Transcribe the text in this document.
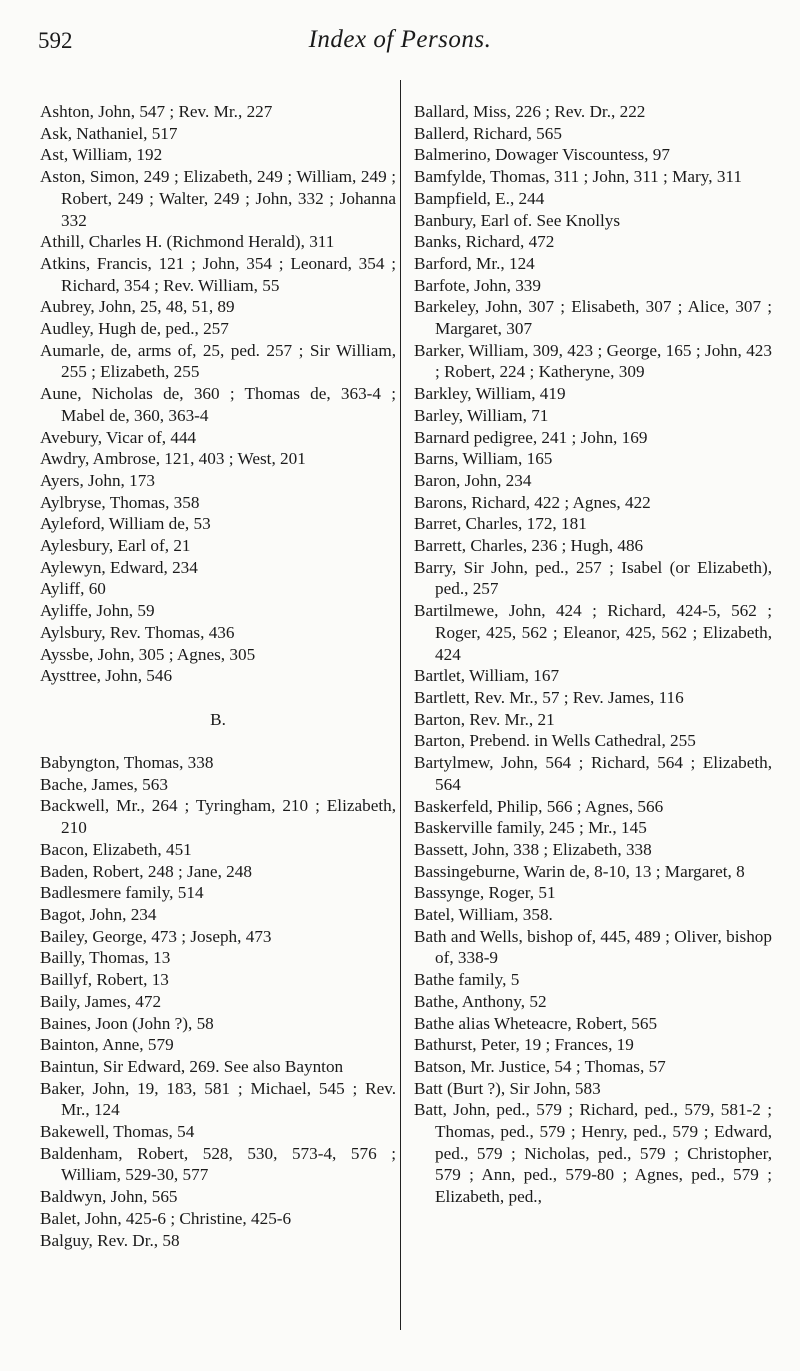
592	Index of Persons.
Ashton, John, 547 ; Rev. Mr., 227
Ask, Nathaniel, 517
Ast, William, 192
Aston, Simon, 249 ; Elizabeth, 249 ; William, 249 ; Robert, 249 ; Walter, 249 ; John, 332 ; Johanna 332
Athill, Charles H. (Richmond Herald), 311
Atkins, Francis, 121 ; John, 354 ; Leonard, 354 ; Richard, 354 ; Rev. William, 55
Aubrey, John, 25, 48, 51, 89
Audley, Hugh de, ped., 257
Aumarle, de, arms of, 25, ped. 257 ; Sir William, 255 ; Elizabeth, 255
Aune, Nicholas de, 360 ; Thomas de, 363-4 ; Mabel de, 360, 363-4
Avebury, Vicar of, 444
Awdry, Ambrose, 121, 403 ; West, 201
Ayers, John, 173
Aylbryse, Thomas, 358
Ayleford, William de, 53
Aylesbury, Earl of, 21
Aylewyn, Edward, 234
Ayliff, 60
Ayliffe, John, 59
Aylsbury, Rev. Thomas, 436
Ayssbe, John, 305 ; Agnes, 305
Aysttree, John, 546
B.
Babyngton, Thomas, 338
Bache, James, 563
Backwell, Mr., 264 ; Tyringham, 210 ; Elizabeth, 210
Bacon, Elizabeth, 451
Baden, Robert, 248 ; Jane, 248
Badlesmere family, 514
Bagot, John, 234
Bailey, George, 473 ; Joseph, 473
Bailly, Thomas, 13
Baillyf, Robert, 13
Baily, James, 472
Baines, Joon (John ?), 58
Bainton, Anne, 579
Baintun, Sir Edward, 269. See also Baynton
Baker, John, 19, 183, 581 ; Michael, 545 ; Rev. Mr., 124
Bakewell, Thomas, 54
Baldenham, Robert, 528, 530, 573-4, 576 ; William, 529-30, 577
Baldwyn, John, 565
Balet, John, 425-6 ; Christine, 425-6
Balguy, Rev. Dr., 58
Ballard, Miss, 226 ; Rev. Dr., 222
Ballerd, Richard, 565
Balmerino, Dowager Viscountess, 97
Bamfylde, Thomas, 311 ; John, 311 ; Mary, 311
Bampfield, E., 244
Banbury, Earl of. See Knollys
Banks, Richard, 472
Barford, Mr., 124
Barfote, John, 339
Barkeley, John, 307 ; Elisabeth, 307 ; Alice, 307 ; Margaret, 307
Barker, William, 309, 423 ; George, 165 ; John, 423 ; Robert, 224 ; Katheryne, 309
Barkley, William, 419
Barley, William, 71
Barnard pedigree, 241 ; John, 169
Barns, William, 165
Baron, John, 234
Barons, Richard, 422 ; Agnes, 422
Barret, Charles, 172, 181
Barrett, Charles, 236 ; Hugh, 486
Barry, Sir John, ped., 257 ; Isabel (or Elizabeth), ped., 257
Bartilmewe, John, 424 ; Richard, 424-5, 562 ; Roger, 425, 562 ; Eleanor, 425, 562 ; Elizabeth, 424
Bartlet, William, 167
Bartlett, Rev. Mr., 57 ; Rev. James, 116
Barton, Rev. Mr., 21
Barton, Prebend. in Wells Cathedral, 255
Bartylmew, John, 564 ; Richard, 564 ; Elizabeth, 564
Baskerfeld, Philip, 566 ; Agnes, 566
Baskerville family, 245 ; Mr., 145
Bassett, John, 338 ; Elizabeth, 338
Bassingeburne, Warin de, 8-10, 13 ; Margaret, 8
Bassynge, Roger, 51
Batel, William, 358.
Bath and Wells, bishop of, 445, 489 ; Oliver, bishop of, 338-9
Bathe family, 5
Bathe, Anthony, 52
Bathe alias Wheteacre, Robert, 565
Bathurst, Peter, 19 ; Frances, 19
Batson, Mr. Justice, 54 ; Thomas, 57
Batt (Burt ?), Sir John, 583
Batt, John, ped., 579 ; Richard, ped., 579, 581-2 ; Thomas, ped., 579 ; Henry, ped., 579 ; Edward, ped., 579 ; Nicholas, ped., 579 ; Christopher, 579 ; Ann, ped., 579-80 ; Agnes, ped., 579 ; Elizabeth, ped.,
